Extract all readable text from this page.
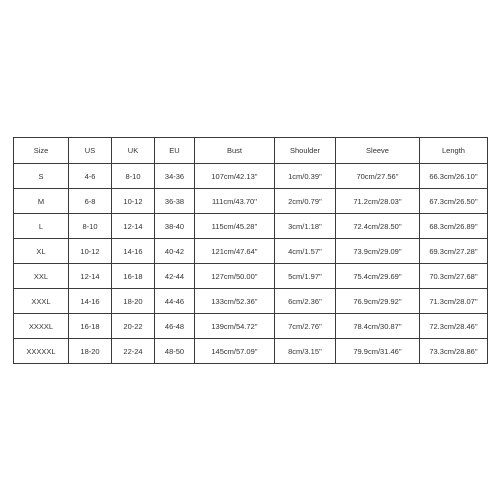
Size	US	UK	EU	Bust	Shoulder	Sleeve	Length
S	4-6	8-10	34-36	107cm/42.13''	1cm/0.39''	70cm/27.56''	66.3cm/26.10''
M	6-8	10-12	36-38	111cm/43.70''	2cm/0.79''	71.2cm/28.03''	67.3cm/26.50''
L	8-10	12-14	38-40	115cm/45.28''	3cm/1.18''	72.4cm/28.50''	68.3cm/26.89''
XL	10-12	14-16	40-42	121cm/47.64''	4cm/1.57''	73.9cm/29.09''	69.3cm/27.28''
XXL	12-14	16-18	42-44	127cm/50.00''	5cm/1.97''	75.4cm/29.69''	70.3cm/27.68''
XXXL	14-16	18-20	44-46	133cm/52.36''	6cm/2.36''	76.9cm/29.92''	71.3cm/28.07''
XXXXL	16-18	20-22	46-48	139cm/54.72''	7cm/2.76''	78.4cm/30.87''	72.3cm/28.46''
XXXXXL	18-20	22-24	48-50	145cm/57.09''	8cm/3.15''	79.9cm/31.46''	73.3cm/28.86''
